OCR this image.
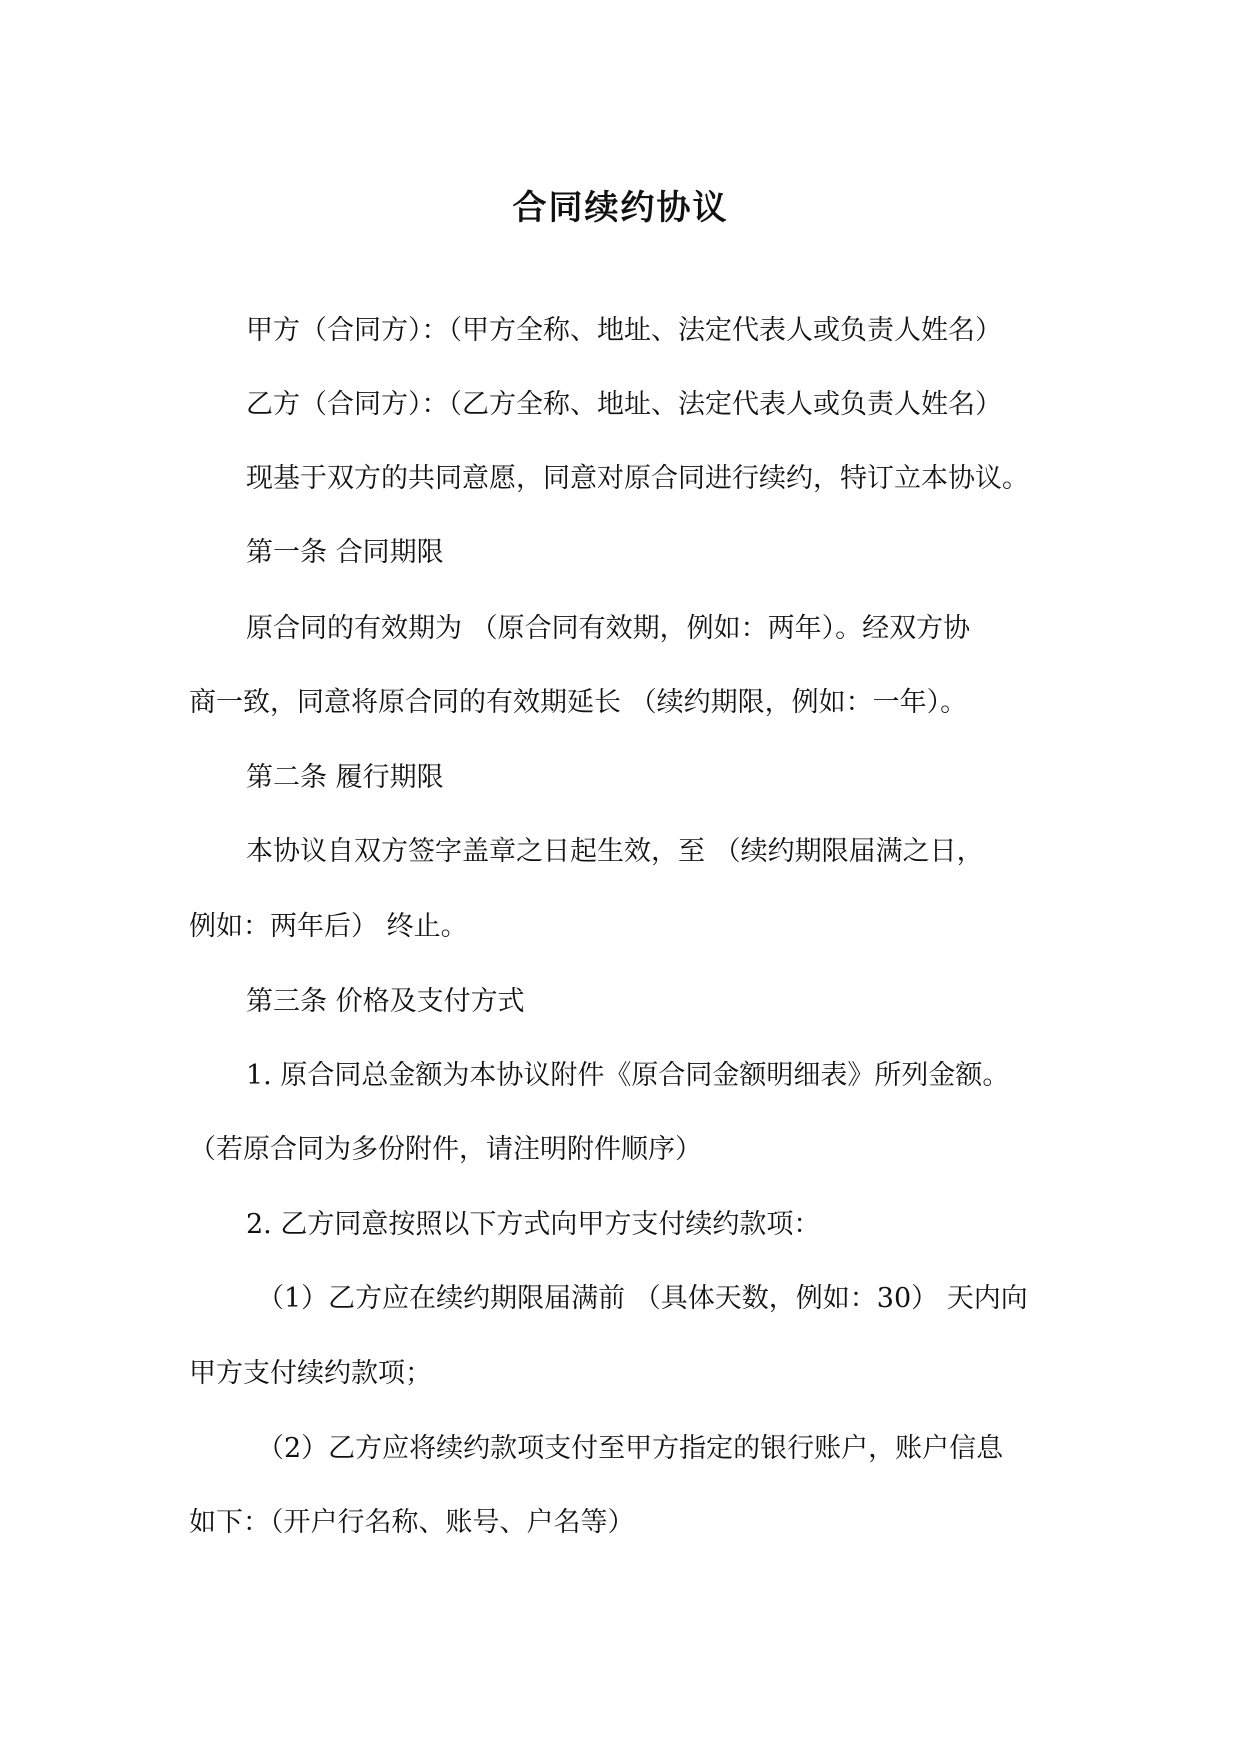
合同续约协议

甲方（合同方）：（甲方全称、地址、法定代表人或负责人姓名）

乙方（合同方）：（乙方全称、地址、法定代表人或负责人姓名）

现基于双方的共同意愿，同意对原合同进行续约，特订立本协议。

第一条 合同期限

原合同的有效期为 （原合同有效期，例如：两年）。经双方协

商一致，同意将原合同的有效期延长 （续约期限，例如：一年）。

第二条 履行期限

本协议自双方签字盖章之日起生效，至 （续约期限届满之日，

例如：两年后） 终止。

第三条 价格及支付方式

1. 原合同总金额为本协议附件《原合同金额明细表》所列金额。

（若原合同为多份附件，请注明附件顺序）

2. 乙方同意按照以下方式向甲方支付续约款项：

（1）乙方应在续约期限届满前 （具体天数，例如：30） 天内向

甲方支付续约款项；

（2）乙方应将续约款项支付至甲方指定的银行账户，账户信息

如下：（开户行名称、账号、户名等）
